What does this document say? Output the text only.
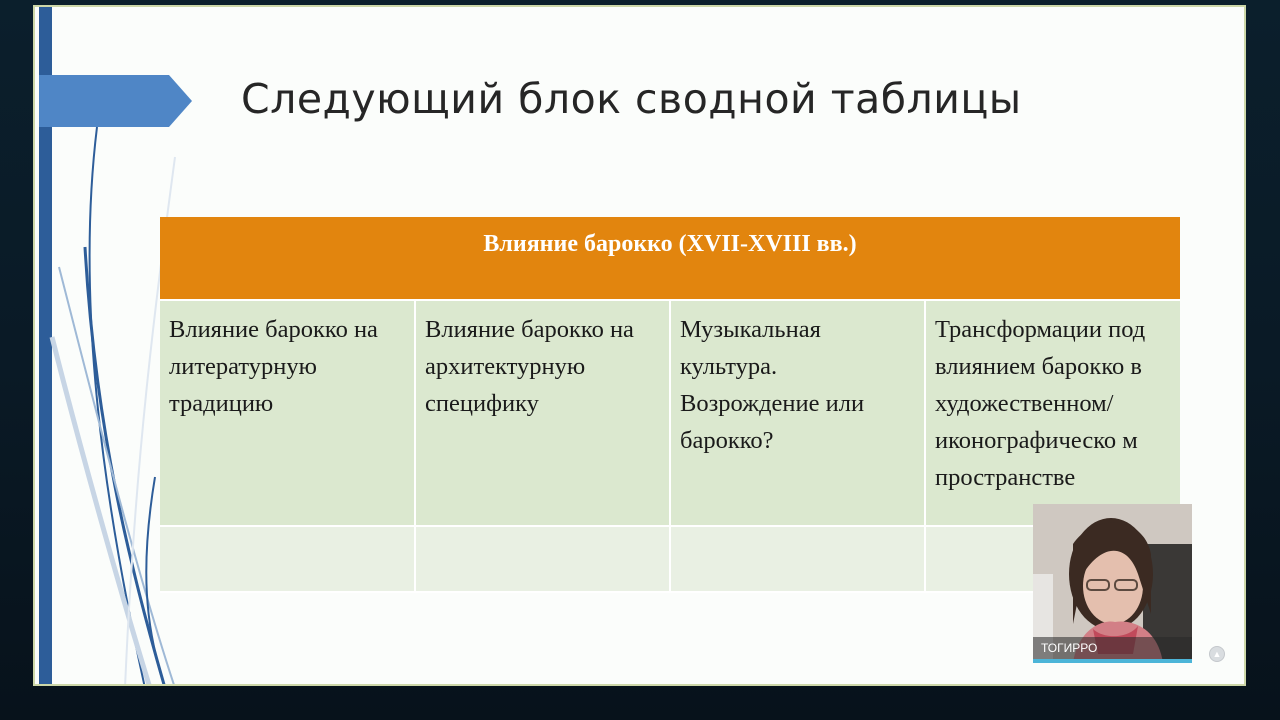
Следующий блок сводной таблицы
Влияние барокко (XVII-XVIII вв.)			

Влияние барокко на литературную традицию	Влияние барокко на архитектурную специфику	Музыкальная культура. Возрождение или барокко?	Трансформации под влиянием барокко в художественном/ иконографическо м пространстве

ТОГИРРО	▲
